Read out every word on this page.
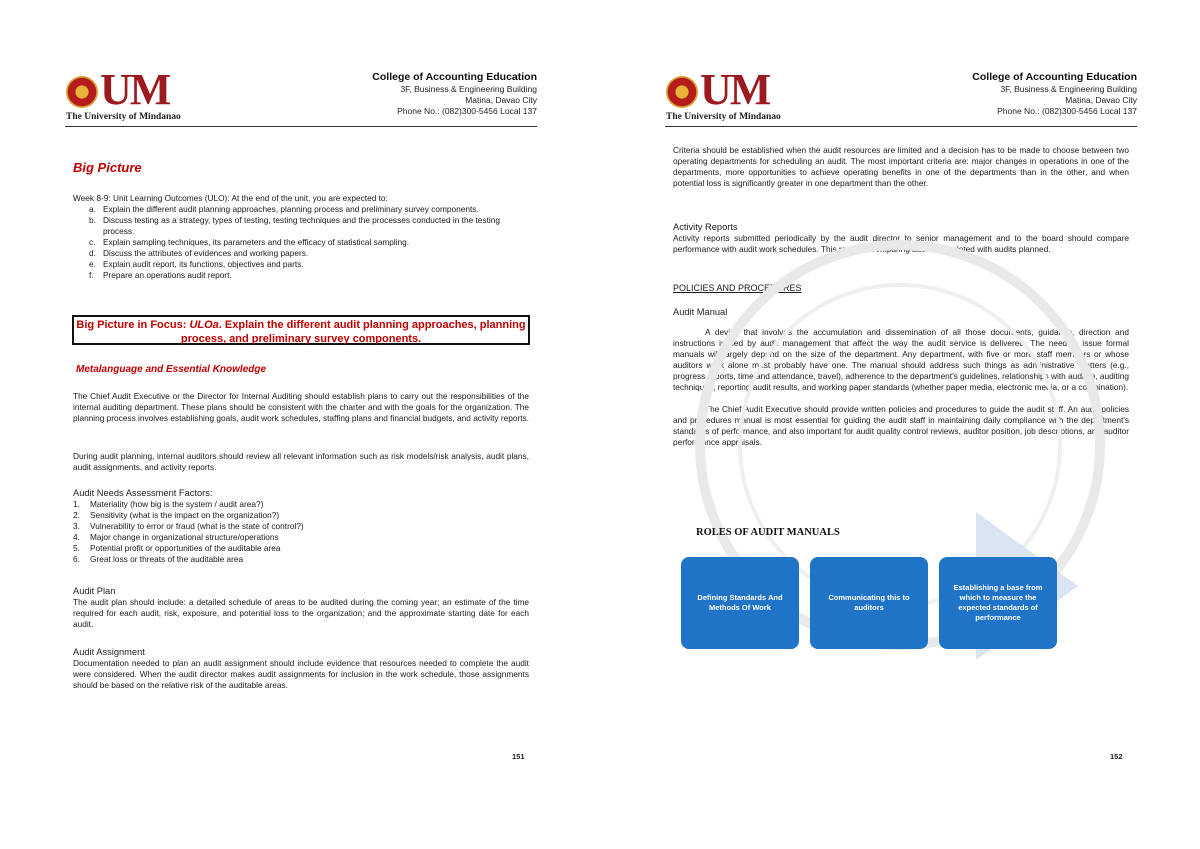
UM
The University of Mindanao
College of Accounting Education
3F, Business & Engineering Building
Matina, Davao City
Phone No.: (082)300-5456 Local 137
Big Picture
Week 8-9: Unit Learning Outcomes (ULO): At the end of the unit, you are expected to:
a. Explain the different audit planning approaches, planning process and preliminary survey components.
b. Discuss testing as a strategy, types of testing, testing techniques and the processes conducted in the testing process.
c. Explain sampling techniques, its parameters and the efficacy of statistical sampling.
d. Discuss the attributes of evidences and working papers.
e. Explain audit report, its functions, objectives and parts.
f. Prepare an operations audit report.
Big Picture in Focus: ULOa. Explain the different audit planning approaches, planning process, and preliminary survey components.
Metalanguage and Essential Knowledge
The Chief Audit Executive or the Director for Internal Auditing should establish plans to carry out the responsibilities of the internal auditing department. These plans should be consistent with the charter and with the goals for the organization. The planning process involves establishing goals, audit work schedules, staffing plans and financial budgets, and activity reports.
During audit planning, internal auditors should review all relevant information such as risk models/risk analysis, audit plans, audit assignments, and activity reports.
Audit Needs Assessment Factors:
1. Materiality (how big is the system / audit area?)
2. Sensitivity (what is the impact on the organization?)
3. Vulnerability to error or fraud (what is the state of control?)
4. Major change in organizational structure/operations
5. Potential profit or opportunities of the auditable area
6. Great loss or threats of the auditable area
Audit Plan
The audit plan should include: a detailed schedule of areas to be audited during the coming year; an estimate of the time required for each audit, risk, exposure, and potential loss to the organization; and the approximate starting date for each audit.
Audit Assignment
Documentation needed to plan an audit assignment should include evidence that resources needed to complete the audit were considered. When the audit director makes audit assignments for inclusion in the work schedule, those assignments should be based on the relative risk of the auditable areas.
151
UM
The University of Mindanao
College of Accounting Education
3F, Business & Engineering Building
Matina, Davao City
Phone No.: (082)300-5456 Local 137
Criteria should be established when the audit resources are limited and a decision has to be made to choose between two operating departments for scheduling an audit. The most important criteria are: major changes in operations in one of the departments, more opportunities to achieve operating benefits in one of the departments than in the other, and when potential loss is significantly greater in one department than the other.
Activity Reports
Activity reports submitted periodically by the audit director to senior management and to the board should compare performance with audit work schedules. This requires comparing audits completed with audits planned.
POLICIES AND PROCEDURES
Audit Manual
A device that involves the accumulation and dissemination of all those documents, guidance, direction and instructions issued by audit management that affect the way the audit service is delivered. The need to issue formal manuals will largely depend on the size of the department. Any department, with five or more staff members or whose auditors work alone must probably have one. The manual should address such things as administrative matters (e.g., progress reports, time and attendance, travel), adherence to the department's guidelines, relationships with auditee, auditing techniques, reporting audit results, and working paper standards (whether paper media, electronic media, or a combination).
The Chief Audit Executive should provide written policies and procedures to guide the audit staff. An audit policies and procedures manual is most essential for guiding the audit staff in maintaining daily compliance with the department's standards of performance, and also important for audit quality control reviews, auditor position, job descriptions, and auditor performance appraisals.
152
ROLES OF AUDIT MANUALS
Defining Standards And Methods Of Work
Communicating this to auditors
Establishing a base from which to measure the expected standards of performance
